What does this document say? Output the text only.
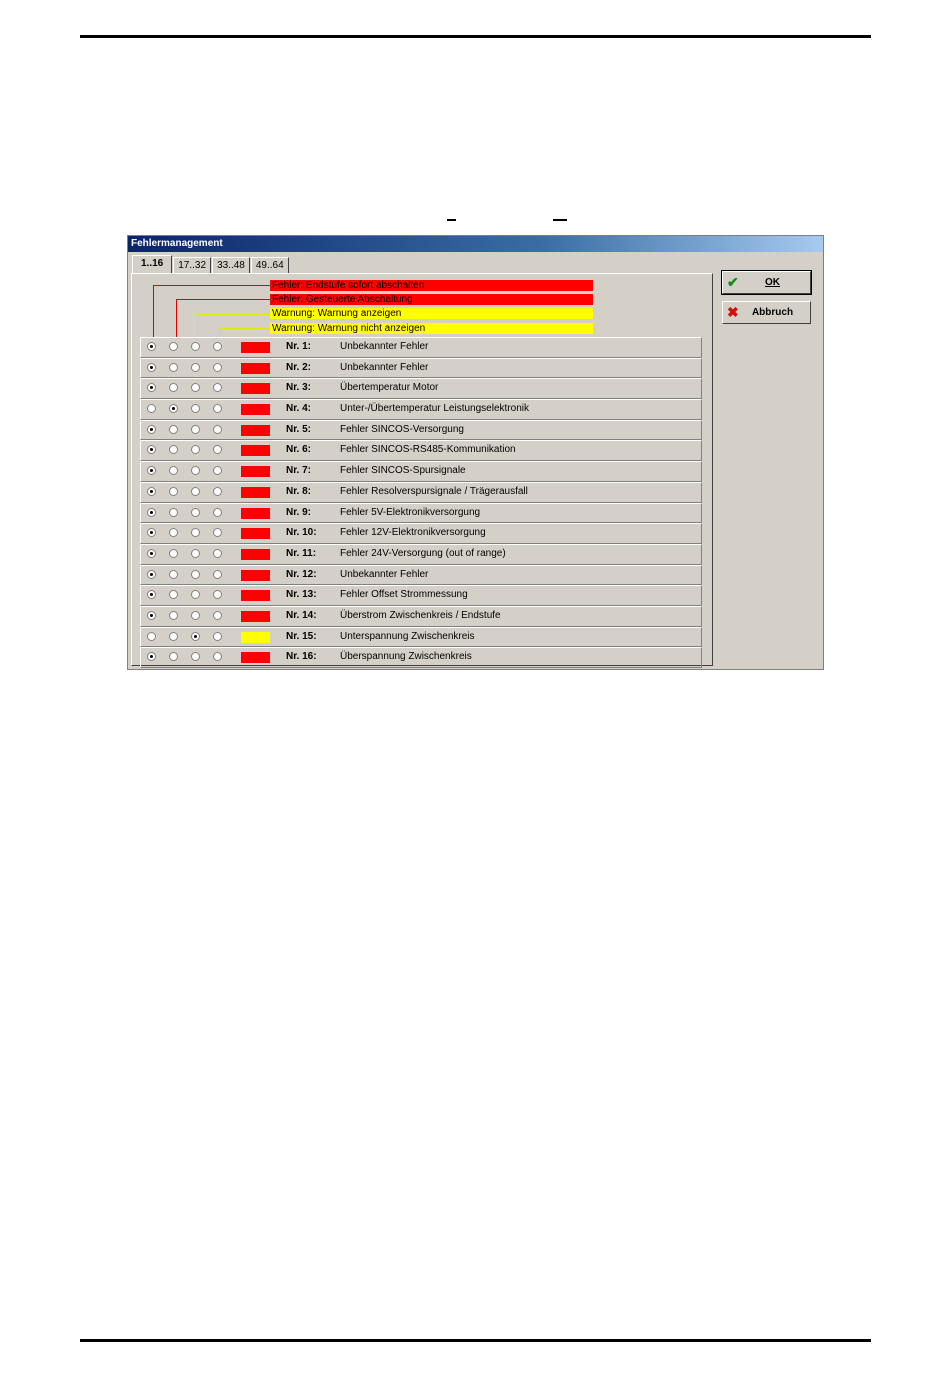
Fehlermanagement
1..16	17..32	33..48	49..64
Fehler: Endstufe sofort abschalten
Fehler: Gesteuerte Abschaltung
Warnung: Warnung anzeigen
Warnung: Warnung nicht anzeigen
Nr. 1:	Unbekannter Fehler
Nr. 2:	Unbekannter Fehler
Nr. 3:	Übertemperatur Motor
Nr. 4:	Unter-/Übertemperatur Leistungselektronik
Nr. 5:	Fehler SINCOS-Versorgung
Nr. 6:	Fehler SINCOS-RS485-Kommunikation
Nr. 7:	Fehler SINCOS-Spursignale
Nr. 8:	Fehler Resolverspursignale / Trägerausfall
Nr. 9:	Fehler 5V-Elektronikversorgung
Nr. 10: Fehler 12V-Elektronikversorgung
Nr. 11: Fehler 24V-Versorgung (out of range)
Nr. 12: Unbekannter Fehler
Nr. 13: Fehler Offset Strommessung
Nr. 14: Überstrom Zwischenkreis / Endstufe
Nr. 15: Unterspannung Zwischenkreis
Nr. 16: Überspannung Zwischenkreis
✔	OK
✖	Abbruch
